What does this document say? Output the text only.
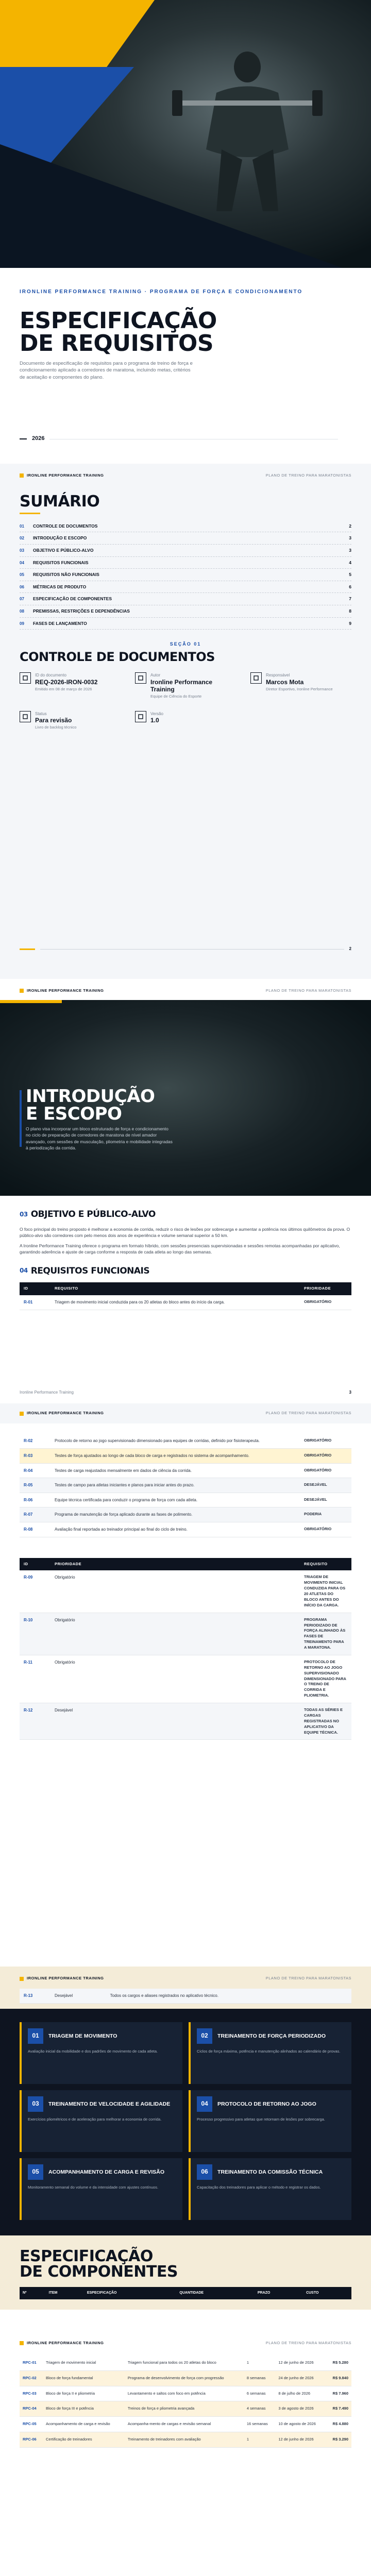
IRONLINE PERFORMANCE TRAINING · PROGRAMA DE FORÇA E CONDICIONAMENTO
ESPECIFICAÇÃO
DE REQUISITOS

Documento de especificação de requisitos para o programa de treino de força e condicionamento aplicado a corredores de maratona, incluindo metas, critérios de aceitação e componentes do plano.

2026
IRONLINE PERFORMANCE TRAINING	PLANO DE TREINO PARA MARATONISTAS
SUMÁRIO
01	CONTROLE DE DOCUMENTOS	2
02	INTRODUÇÃO E ESCOPO	3
03	OBJETIVO E PÚBLICO-ALVO	3
04	REQUISITOS FUNCIONAIS	4
05	REQUISITOS NÃO FUNCIONAIS	5
06	MÉTRICAS DE PRODUTO	6
07	ESPECIFICAÇÃO DE COMPONENTES	7
08	PREMISSAS, RESTRIÇÕES E DEPENDÊNCIAS	8
09	FASES DE LANÇAMENTO	9
SEÇÃO 01
CONTROLE DE DOCUMENTOS
ID do documento
REQ-2026-IRON-0032
Emitido em 08 de março de 2026
Autor
Ironline Performance Training
Equipe de Ciência do Esporte
Responsável
Marcos Mota
Diretor Esportivo, Ironline Performance
Status
Para revisão
Livro de backlog técnico
Versão
1.0
2
IRONLINE PERFORMANCE TRAINING	PLANO DE TREINO PARA MARATONISTAS
INTRODUÇÃO
E ESCOPO

O plano visa incorporar um bloco estruturado de força e condicionamento no ciclo de preparação de corredores de maratona de nível amador avançado, com sessões de musculação, pliometria e mobilidade integradas à periodização da corrida.

03 OBJETIVO E PÚBLICO-ALVO

O foco principal do treino proposto é melhorar a economia de corrida, reduzir o risco de lesões por sobrecarga e aumentar a potência nos últimos quilômetros da prova. O público-alvo são corredores com pelo menos dois anos de experiência e volume semanal superior a 50 km.

A Ironline Performance Training oferece o programa em formato híbrido, com sessões presenciais supervisionadas e sessões remotas acompanhadas por aplicativo, garantindo aderência e ajuste de carga conforme a resposta de cada atleta ao longo das semanas.

04 REQUISITOS FUNCIONAIS
ID	REQUISITO	PRIORIDADE
R-01	Triagem de movimento inicial conduzida para os 20 atletas do bloco antes do início da carga.	OBRIGATÓRIO
Ironline Performance Training	3
IRONLINE PERFORMANCE TRAINING	PLANO DE TREINO PARA MARATONISTAS
R-02	Protocolo de retorno ao jogo supervisionado dimensionado para equipes de corridas, definido por fisioterapeuta.	OBRIGATÓRIO
R-03	Testes de força ajustados ao longo de cada bloco de carga e registrados no sistema de acompanhamento.	OBRIGATÓRIO
R-04	Testes de carga reajustados mensalmente em dados de ciência da corrida.	OBRIGATÓRIO
R-05	Testes de campo para atletas iniciantes e planos para iniciar antes do prazo.	DESEJÁVEL
R-06	Equipe técnica certificada para conduzir o programa de força com cada atleta.	DESEJÁVEL
R-07	Programa de manutenção de força aplicado durante as fases de polimento.	PODERIA
R-08	Avaliação final reportada ao treinador principal ao final do ciclo de treino.	OBRIGATÓRIO
ID	PRIORIDADE	REQUISITO
R-09	Obrigatório	TRIAGEM DE MOVIMENTO INICIAL CONDUZIDA PARA OS 20 ATLETAS DO BLOCO ANTES DO INÍCIO DA CARGA.
R-10	Obrigatório	PROGRAMA PERIODIZADO DE FORÇA ALINHADO ÀS FASES DE TREINAMENTO PARA A MARATONA.
R-11	Obrigatório	PROTOCOLO DE RETORNO AO JOGO SUPERVISIONADO DIMENSIONADO PARA O TREINO DE CORRIDA E PLIOMETRIA.
R-12	Desejável	TODAS AS SÉRIES E CARGAS REGISTRADAS NO APLICATIVO DA EQUIPE TÉCNICA.
IRONLINE PERFORMANCE TRAINING	PLANO DE TREINO PARA MARATONISTAS
R-13	Desejável	Todos os cargos e aliases registrados no aplicativo técnico.
01	TRIAGEM DE MOVIMENTO
Avaliação inicial da mobilidade e dos padrões de movimento de cada atleta.
02	TREINAMENTO DE FORÇA PERIODIZADO
Ciclos de força máxima, potência e manutenção alinhados ao calendário de provas.
03	TREINAMENTO DE VELOCIDADE E AGILIDADE
Exercícios pliométricos e de aceleração para melhorar a economia de corrida.
04	PROTOCOLO DE RETORNO AO JOGO
Processo progressivo para atletas que retornam de lesões por sobrecarga.
05	ACOMPANHAMENTO DE CARGA E REVISÃO
Monitoramento semanal do volume e da intensidade com ajustes contínuos.
06	TREINAMENTO DA COMISSÃO TÉCNICA
Capacitação dos treinadores para aplicar o método e registrar os dados.
ESPECIFICAÇÃO
DE COMPONENTES
Nº	ITEM	ESPECIFICAÇÃO	QUANTIDADE	PRAZO	CUSTO
IRONLINE PERFORMANCE TRAINING	PLANO DE TREINO PARA MARATONISTAS
RPC-01	Triagem de movimento inicial	Triagem funcional para todos os 20 atletas do bloco	1	12 de junho de 2026	R$ 5.280
RPC-02	Bloco de força fundamental	Programa de desenvolvimento de força com progressão	8 semanas	24 de junho de 2026	R$ 9.840
RPC-03	Bloco de força II e pliometria	Levantamento e saltos com foco em potência	6 semanas	8 de julho de 2026	R$ 7.960
RPC-04	Bloco de força III e potência	Treinos de força e pliometria avançada	4 semanas	3 de agosto de 2026	R$ 7.490
RPC-05	Acompanhamento de carga e revisão	Acompanha-mento de cargas e revisão semanal	16 semanas	10 de agosto de 2026	R$ 4.880
RPC-06	Certificação de treinadores	Treinamento de treinadores com avaliação	1	12 de junho de 2026	R$ 3.290
